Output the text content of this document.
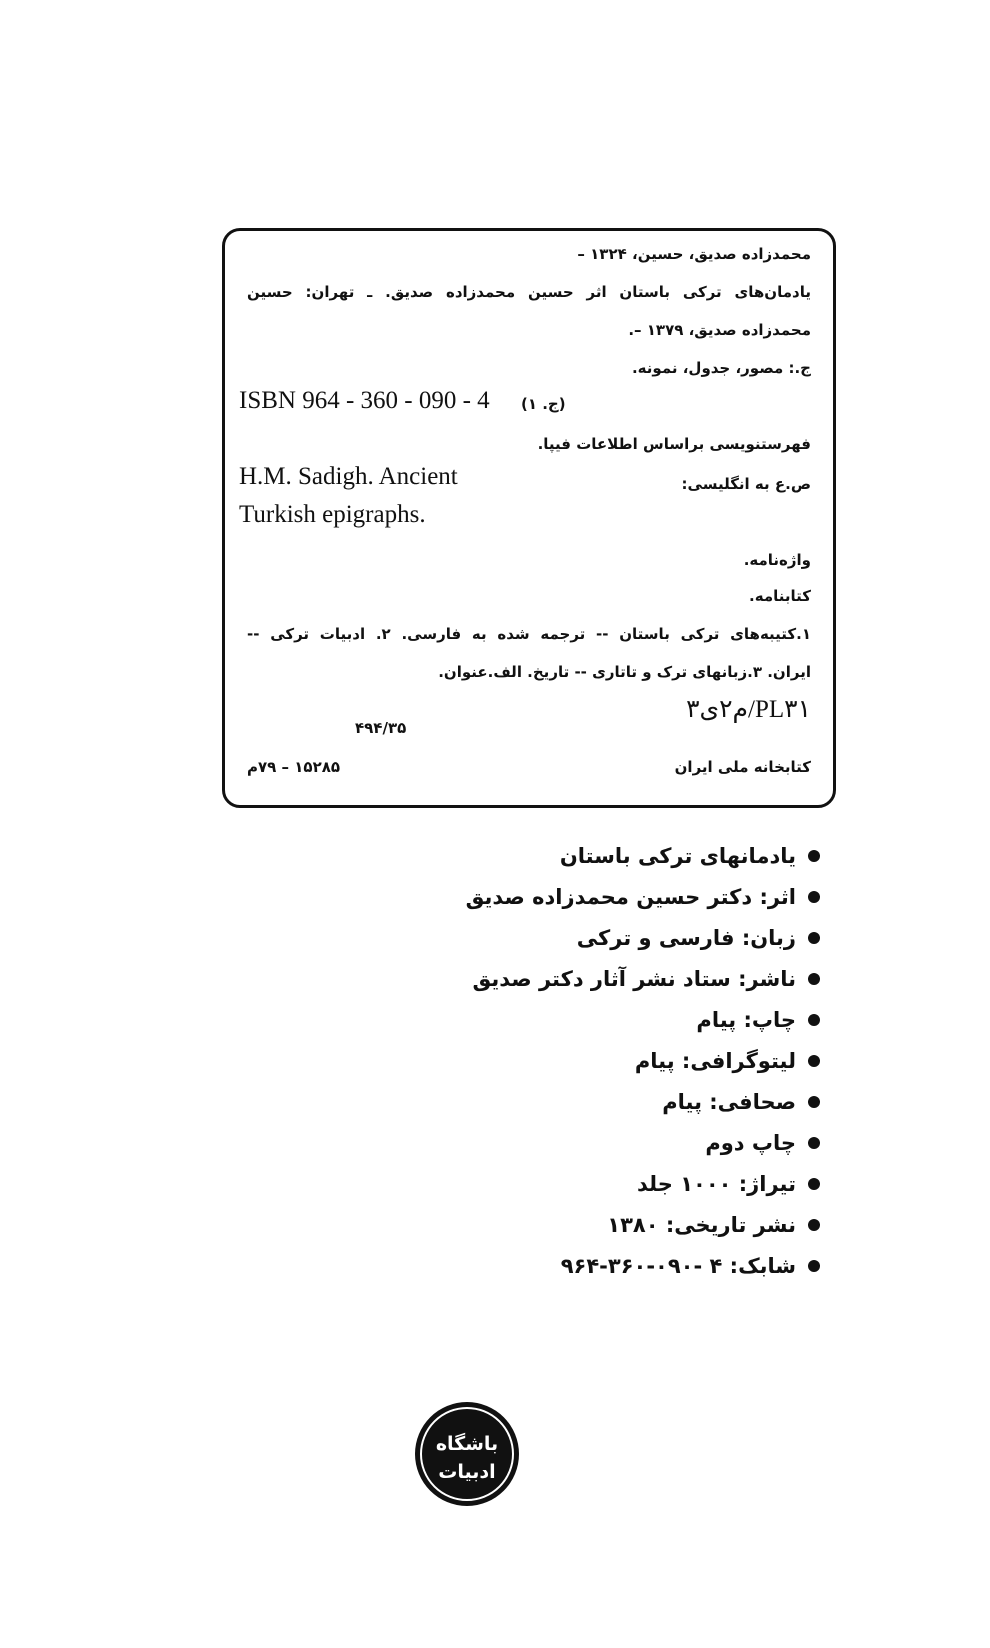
محمدزاده صدیق، حسین، ۱۳۲۴ –
یادمان‌های ترکی باستان اثر حسین محمدزاده صدیق. ـ تهران: حسین
محمدزاده صدیق، ۱۳۷۹ –.
ج.: مصور، جدول، نمونه.
ISBN 964 - 360 - 090 - 4 (ج. ۱)
فهرستنویسی براساس اطلاعات فیپا.
ص.ع به انگلیسی:
H.M. Sadigh. Ancient
Turkish epigraphs.
واژه‌نامه.
کتابنامه.
۱.کتیبه‌های ترکی باستان -- ترجمه شده به فارسی. ۲. ادبیات ترکی --
ایران. ۳.زبانهای ترک و تاتاری -- تاریخ. الف.عنوان.
PL۳۱/م۲ی۳
۴۹۴/۳۵
کتابخانه ملی ایران
۱۵۲۸۵ – ۷۹م
یادمانهای ترکی باستان
اثر: دکتر حسین محمدزاده صدیق
زبان: فارسی و ترکی
ناشر: ستاد نشر آثار دکتر صدیق
چاپ: پیام
لیتوگرافی: پیام
صحافی: پیام
چاپ دوم
تیراژ: ۱۰۰۰ جلد
نشر تاریخی: ۱۳۸۰
شابک: ۴ -۰۹۰-۳۶۰-۹۶۴
باشگاه
ادبیات
